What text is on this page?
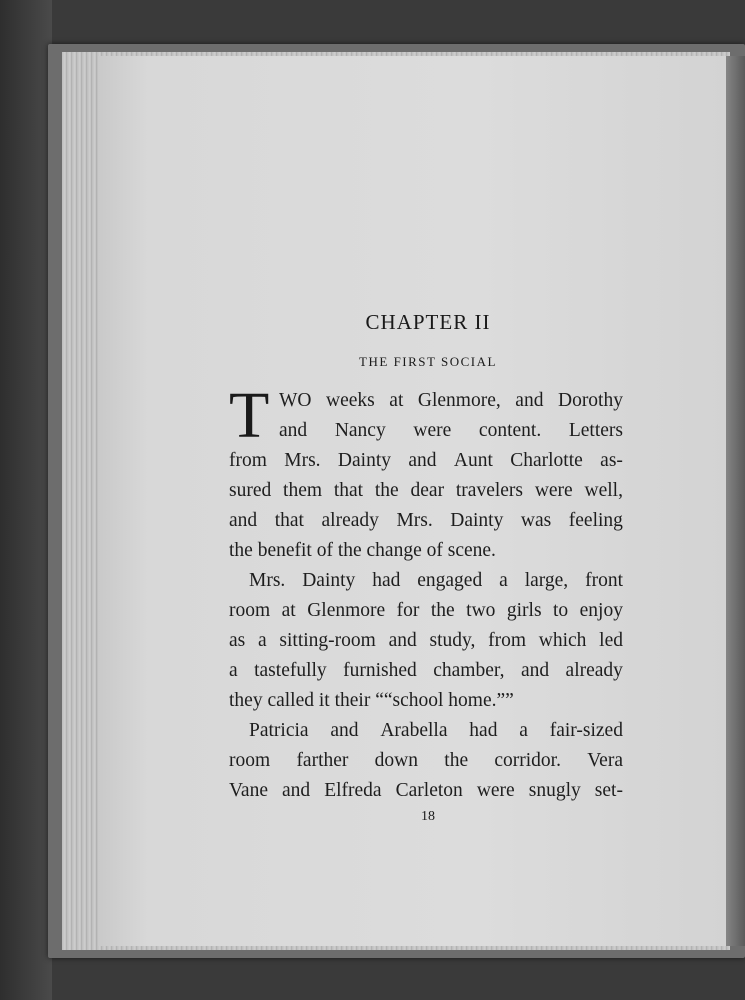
CHAPTER II
THE FIRST SOCIAL
T WO weeks at Glenmore, and Dorothy
and Nancy were content. Letters
from Mrs. Dainty and Aunt Charlotte as-
sured them that the dear travelers were well,
and that already Mrs. Dainty was feeling
the benefit of the change of scene.
Mrs. Dainty had engaged a large, front
room at Glenmore for the two girls to enjoy
as a sitting-room and study, from which led
a tastefully furnished chamber, and already
they called it their ““school home.””
Patricia and Arabella had a fair-sized
room farther down the corridor. Vera
Vane and Elfreda Carleton were snugly set-
18
